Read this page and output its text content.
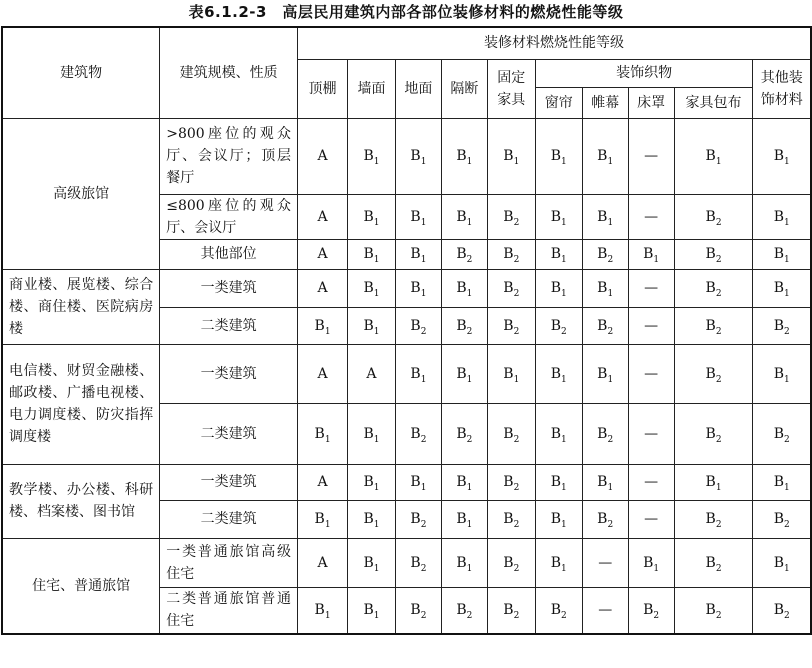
表6.1.2-3　高层民用建筑内部各部位装修材料的燃烧性能等级
建筑物	建筑规模、性质	装修材料燃烧性能等级									
		顶棚	墙面	地面	隔断	固定家具	装饰织物				其他装饰材料
							窗帘	帷幕	床罩	家具包布	
高级旅馆	>800座位的观众厅、会议厅；顶层餐厅	A	$B_1$	$B_1$	$B_1$	$B_1$	$B_1$	$B_1$	—	$B_1$	$B_1$
	≤800座位的观众厅、会议厅	A	$B_1$	$B_1$	$B_1$	$B_2$	$B_1$	$B_1$	—	$B_2$	$B_1$
	其他部位	A	$B_1$	$B_1$	$B_2$	$B_2$	$B_1$	$B_2$	$B_1$	$B_2$	$B_1$
商业楼、展览楼、综合楼、商住楼、医院病房楼	一类建筑	A	$B_1$	$B_1$	$B_1$	$B_2$	$B_1$	$B_1$	—	$B_2$	$B_1$
	二类建筑	$B_1$	$B_1$	$B_2$	$B_2$	$B_2$	$B_2$	$B_2$	—	$B_2$	$B_2$
电信楼、财贸金融楼、邮政楼、广播电视楼、电力调度楼、防灾指挥调度楼	一类建筑	A	A	$B_1$	$B_1$	$B_1$	$B_1$	$B_1$	—	$B_2$	$B_1$
	二类建筑	$B_1$	$B_1$	$B_2$	$B_2$	$B_2$	$B_1$	$B_2$	—	$B_2$	$B_2$
教学楼、办公楼、科研楼、档案楼、图书馆	一类建筑	A	$B_1$	$B_1$	$B_1$	$B_2$	$B_1$	$B_1$	—	$B_1$	$B_1$
	二类建筑	$B_1$	$B_1$	$B_2$	$B_1$	$B_2$	$B_1$	$B_2$	—	$B_2$	$B_2$
住宅、普通旅馆	一类普通旅馆高级住宅	A	$B_1$	$B_2$	$B_1$	$B_2$	$B_1$	—	$B_1$	$B_2$	$B_1$
	二类普通旅馆普通住宅	$B_1$	$B_1$	$B_2$	$B_2$	$B_2$	$B_2$	—	$B_2$	$B_2$	$B_2$
